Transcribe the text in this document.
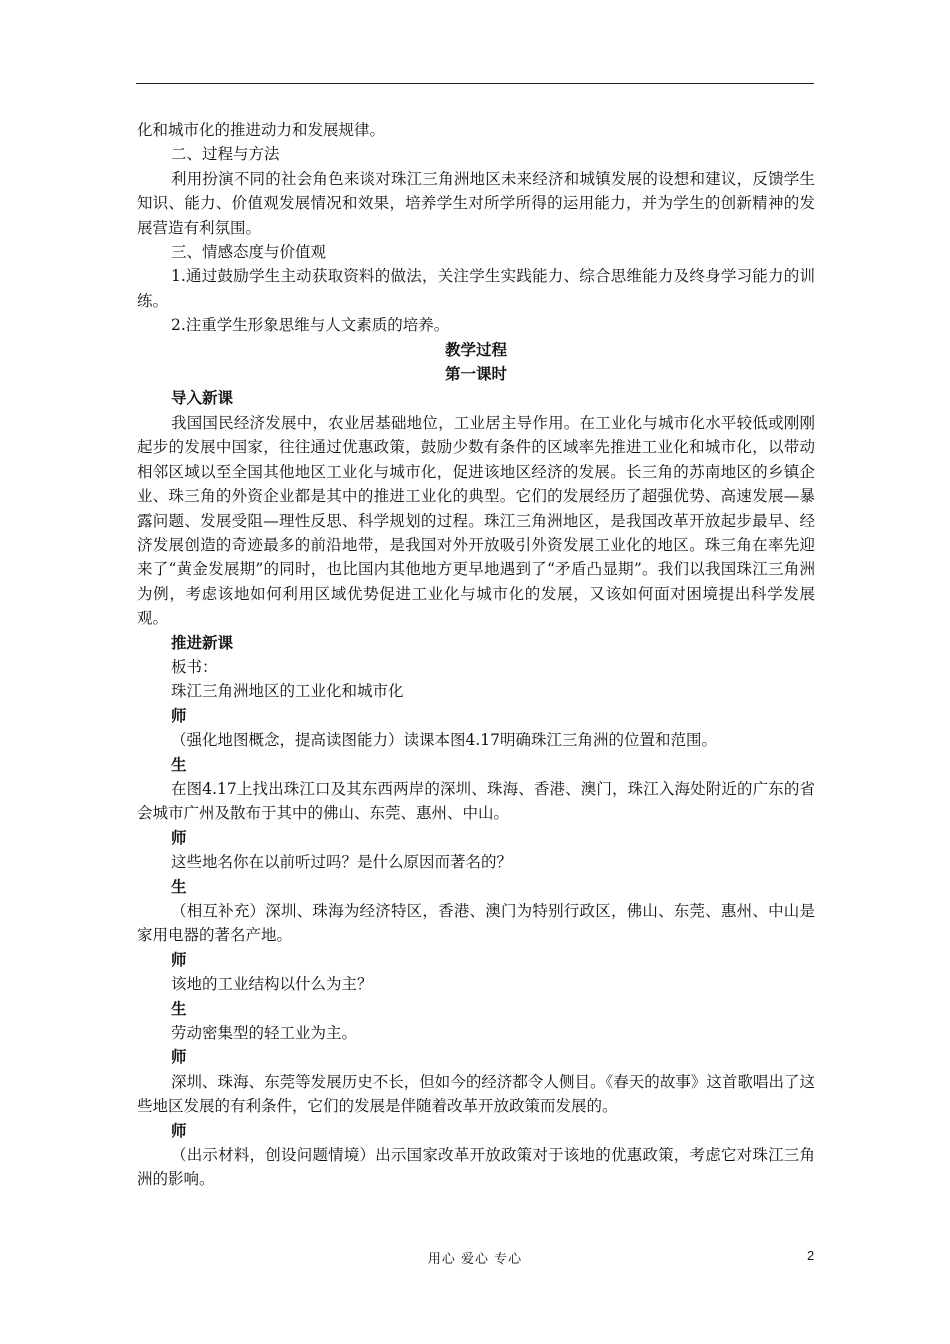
化和城市化的推进动力和发展规律。

二、过程与方法

利用扮演不同的社会角色来谈对珠江三角洲地区未来经济和城镇发展的设想和建议，反馈学生知识、能力、价值观发展情况和效果，培养学生对所学所得的运用能力，并为学生的创新精神的发展营造有利氛围。

三、情感态度与价值观

1.通过鼓励学生主动获取资料的做法，关注学生实践能力、综合思维能力及终身学习能力的训练。

2.注重学生形象思维与人文素质的培养。

教学过程

第一课时

导入新课

我国国民经济发展中，农业居基础地位，工业居主导作用。在工业化与城市化水平较低或刚刚起步的发展中国家，往往通过优惠政策，鼓励少数有条件的区域率先推进工业化和城市化，以带动相邻区域以至全国其他地区工业化与城市化，促进该地区经济的发展。长三角的苏南地区的乡镇企业、珠三角的外资企业都是其中的推进工业化的典型。它们的发展经历了超强优势、高速发展—暴露问题、发展受阻—理性反思、科学规划的过程。珠江三角洲地区，是我国改革开放起步最早、经济发展创造的奇迹最多的前沿地带，是我国对外开放吸引外资发展工业化的地区。珠三角在率先迎来了“黄金发展期”的同时，也比国内其他地方更早地遇到了“矛盾凸显期”。我们以我国珠江三角洲为例，考虑该地如何利用区域优势促进工业化与城市化的发展，又该如何面对困境提出科学发展观。

推进新课

板书：

珠江三角洲地区的工业化和城市化

师

（强化地图概念，提高读图能力）读课本图4.17明确珠江三角洲的位置和范围。

生

在图4.17上找出珠江口及其东西两岸的深圳、珠海、香港、澳门，珠江入海处附近的广东的省会城市广州及散布于其中的佛山、东莞、惠州、中山。

师

这些地名你在以前听过吗？是什么原因而著名的？

生

（相互补充）深圳、珠海为经济特区，香港、澳门为特别行政区，佛山、东莞、惠州、中山是家用电器的著名产地。

师

该地的工业结构以什么为主？

生

劳动密集型的轻工业为主。

师

深圳、珠海、东莞等发展历史不长，但如今的经济都令人侧目。《春天的故事》这首歌唱出了这些地区发展的有利条件，它们的发展是伴随着改革开放政策而发展的。

师

（出示材料，创设问题情境）出示国家改革开放政策对于该地的优惠政策，考虑它对珠江三角洲的影响。

用心 爱心 专心	2
